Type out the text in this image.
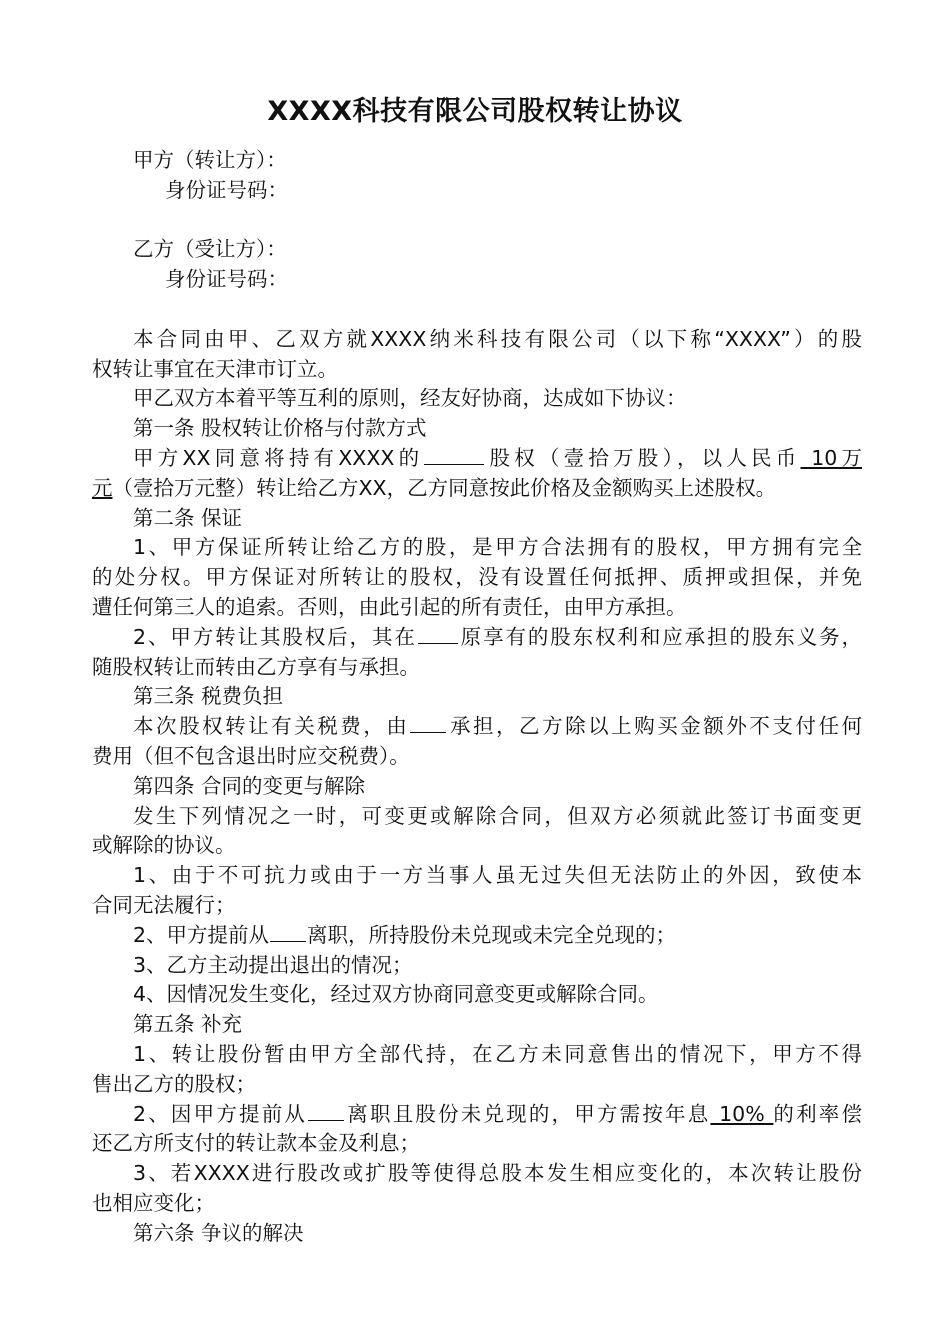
XXXX科技有限公司股权转让协议
甲方（转让方）：
身份证号码：
乙方（受让方）：
身份证号码：
本合同由甲、乙双方就XXXX纳米科技有限公司（以下称“XXXX”）的股
权转让事宜在天津市订立。
甲乙双方本着平等互利的原则，经友好协商，达成如下协议：
第一条 股权转让价格与付款方式
甲方XX同意将持有XXXX的	股权（壹拾万股），以人民币 10万
元（壹拾万元整）转让给乙方XX，乙方同意按此价格及金额购买上述股权。
第二条 保证
1、甲方保证所转让给乙方的股，是甲方合法拥有的股权，甲方拥有完全
的处分权。甲方保证对所转让的股权，没有设置任何抵押、质押或担保，并免
遭任何第三人的追索。否则，由此引起的所有责任，由甲方承担。
2、甲方转让其股权后，其在 原享有的股东权利和应承担的股东义务，
随股权转让而转由乙方享有与承担。
第三条 税费负担
本次股权转让有关税费，由 承担，乙方除以上购买金额外不支付任何
费用（但不包含退出时应交税费）。
第四条 合同的变更与解除
发生下列情况之一时，可变更或解除合同，但双方必须就此签订书面变更
或解除的协议。
1、由于不可抗力或由于一方当事人虽无过失但无法防止的外因，致使本
合同无法履行；
2、甲方提前从 离职，所持股份未兑现或未完全兑现的；
3、乙方主动提出退出的情况；
4、因情况发生变化，经过双方协商同意变更或解除合同。
第五条 补充
1、转让股份暂由甲方全部代持，在乙方未同意售出的情况下，甲方不得
售出乙方的股权；
2、因甲方提前从 离职且股份未兑现的，甲方需按年息 10% 的利率偿
还乙方所支付的转让款本金及利息；
3、若XXXX进行股改或扩股等使得总股本发生相应变化的，本次转让股份
也相应变化；
第六条 争议的解决
